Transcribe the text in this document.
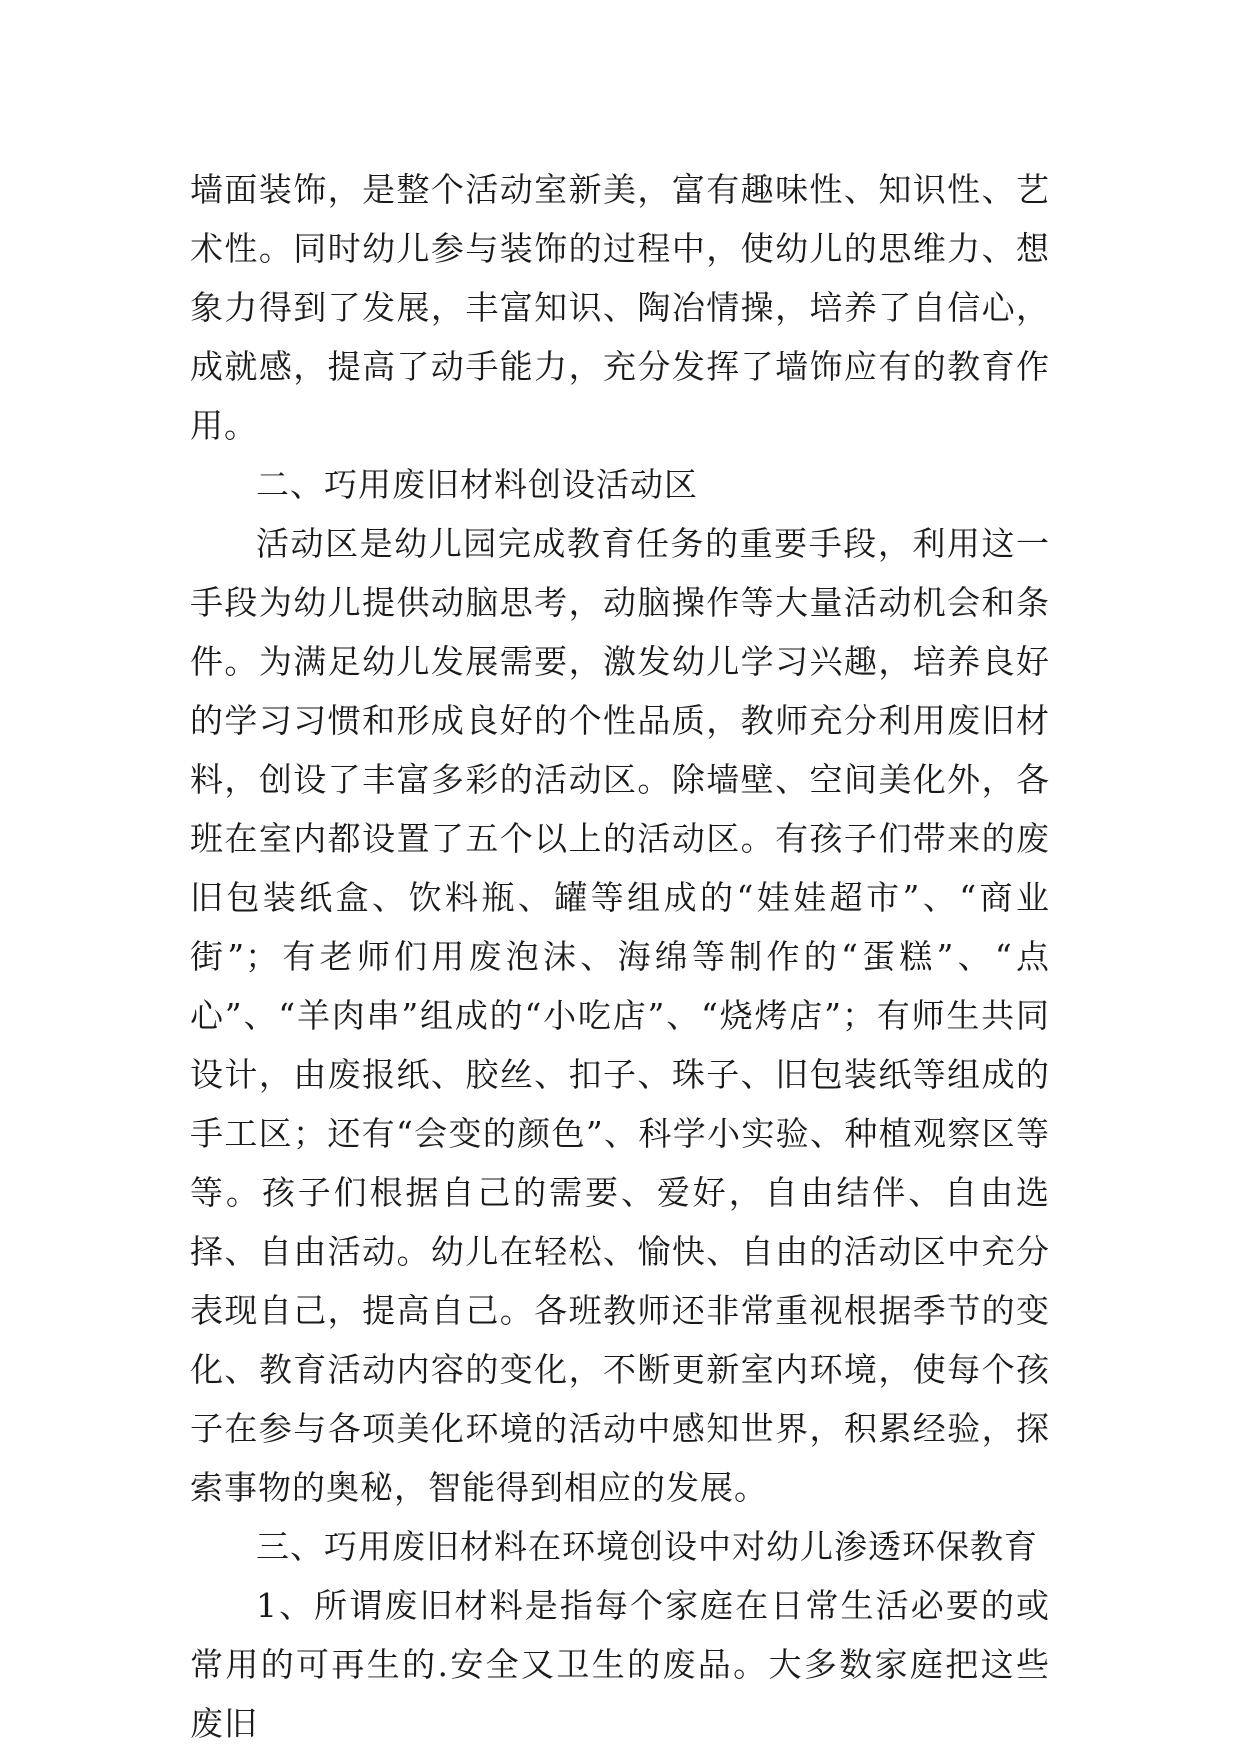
墙面装饰，是整个活动室新美，富有趣味性、知识性、艺术性。同时幼儿参与装饰的过程中，使幼儿的思维力、想象力得到了发展，丰富知识、陶冶情操，培养了自信心，成就感，提高了动手能力，充分发挥了墙饰应有的教育作用。

二、巧用废旧材料创设活动区

活动区是幼儿园完成教育任务的重要手段，利用这一手段为幼儿提供动脑思考，动脑操作等大量活动机会和条件。为满足幼儿发展需要，激发幼儿学习兴趣，培养良好的学习习惯和形成良好的个性品质，教师充分利用废旧材料，创设了丰富多彩的活动区。除墙壁、空间美化外，各班在室内都设置了五个以上的活动区。有孩子们带来的废旧包装纸盒、饮料瓶、罐等组成的“娃娃超市”、“商业街”；有老师们用废泡沫、海绵等制作的“蛋糕”、“点心”、“羊肉串”组成的“小吃店”、“烧烤店”；有师生共同设计，由废报纸、胶丝、扣子、珠子、旧包装纸等组成的手工区；还有“会变的颜色”、科学小实验、种植观察区等等。孩子们根据自己的需要、爱好，自由结伴、自由选择、自由活动。幼儿在轻松、愉快、自由的活动区中充分表现自己，提高自己。各班教师还非常重视根据季节的变化、教育活动内容的变化，不断更新室内环境，使每个孩子在参与各项美化环境的活动中感知世界，积累经验，探索事物的奥秘，智能得到相应的发展。

三、巧用废旧材料在环境创设中对幼儿渗透环保教育

1、所谓废旧材料是指每个家庭在日常生活必要的或常用的可再生的.安全又卫生的废品。大多数家庭把这些废旧
